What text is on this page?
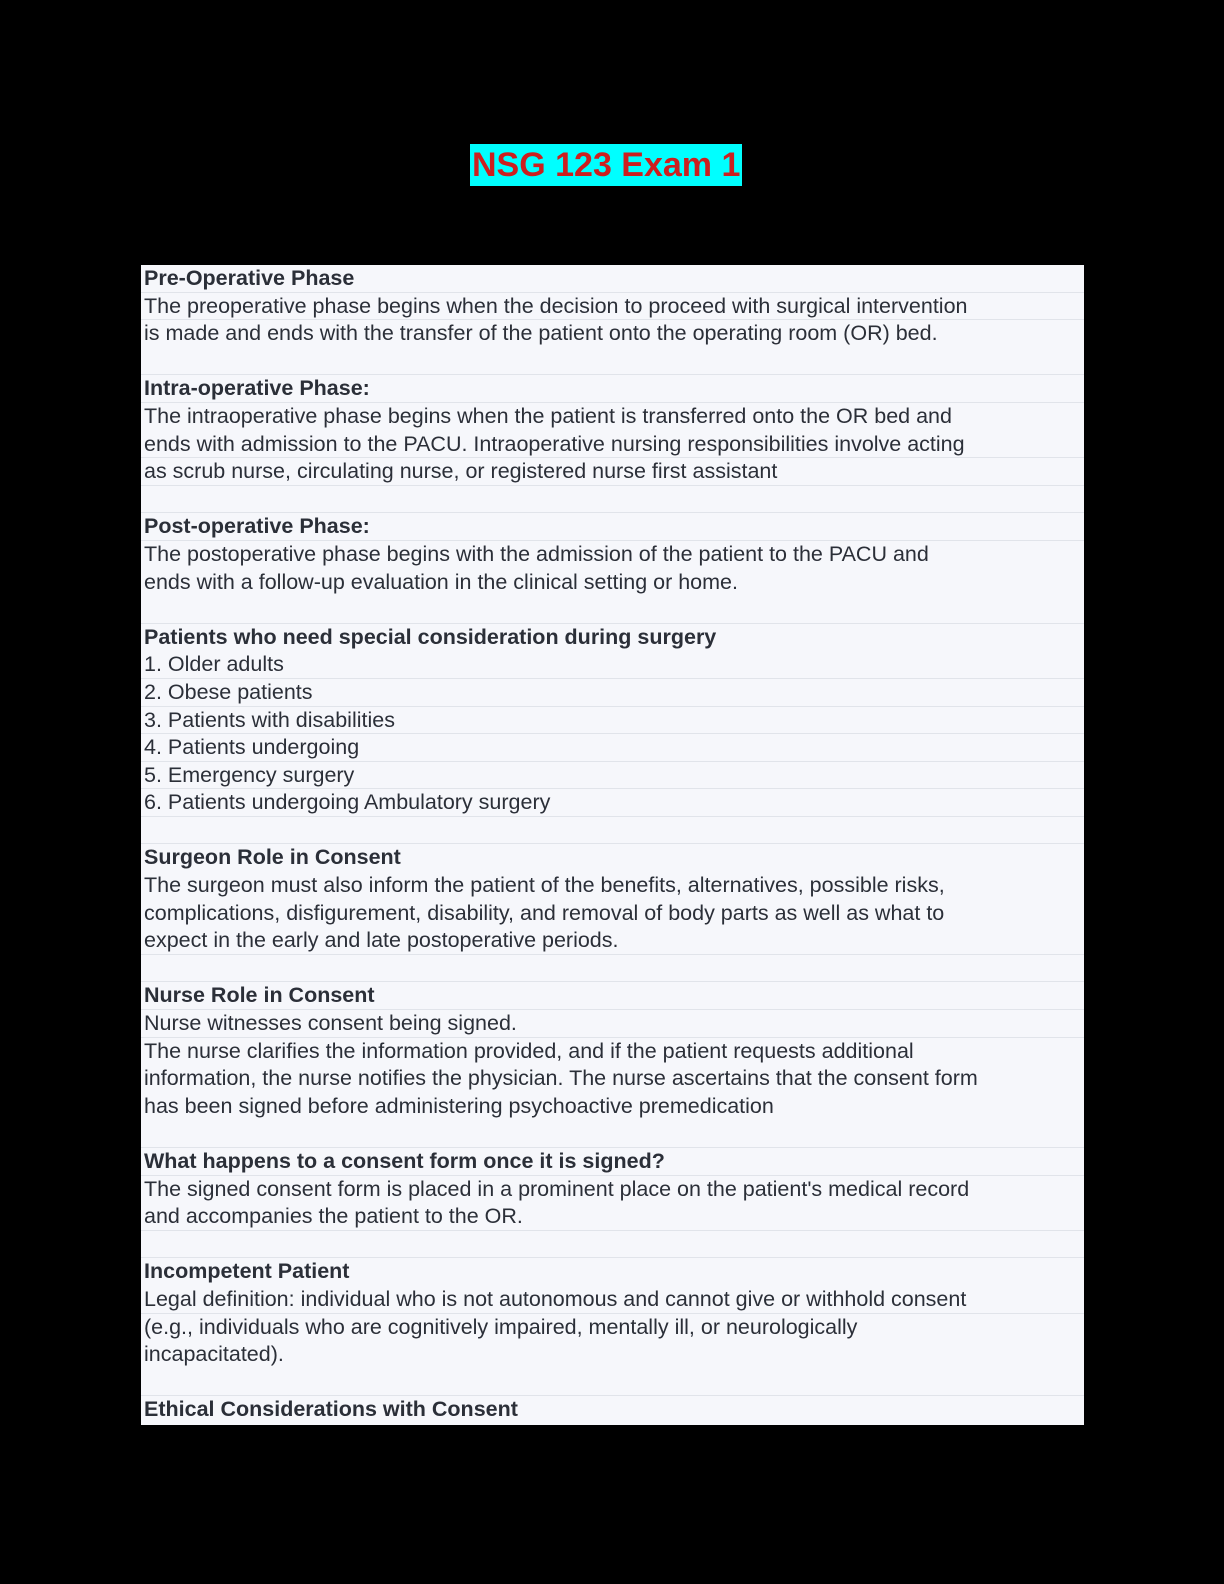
NSG 123 Exam 1
Pre-Operative Phase
The preoperative phase begins when the decision to proceed with surgical intervention
is made and ends with the transfer of the patient onto the operating room (OR) bed.
Intra-operative Phase:
The intraoperative phase begins when the patient is transferred onto the OR bed and
ends with admission to the PACU. Intraoperative nursing responsibilities involve acting
as scrub nurse, circulating nurse, or registered nurse first assistant
Post-operative Phase:
The postoperative phase begins with the admission of the patient to the PACU and
ends with a follow-up evaluation in the clinical setting or home.
Patients who need special consideration during surgery
1. Older adults
2. Obese patients
3. Patients with disabilities
4. Patients undergoing
5. Emergency surgery
6. Patients undergoing Ambulatory surgery
Surgeon Role in Consent
The surgeon must also inform the patient of the benefits, alternatives, possible risks,
complications, disfigurement, disability, and removal of body parts as well as what to
expect in the early and late postoperative periods.
Nurse Role in Consent
Nurse witnesses consent being signed.
The nurse clarifies the information provided, and if the patient requests additional
information, the nurse notifies the physician. The nurse ascertains that the consent form
has been signed before administering psychoactive premedication
What happens to a consent form once it is signed?
The signed consent form is placed in a prominent place on the patient's medical record
and accompanies the patient to the OR.
Incompetent Patient
Legal definition: individual who is not autonomous and cannot give or withhold consent
(e.g., individuals who are cognitively impaired, mentally ill, or neurologically
incapacitated).
Ethical Considerations with Consent
